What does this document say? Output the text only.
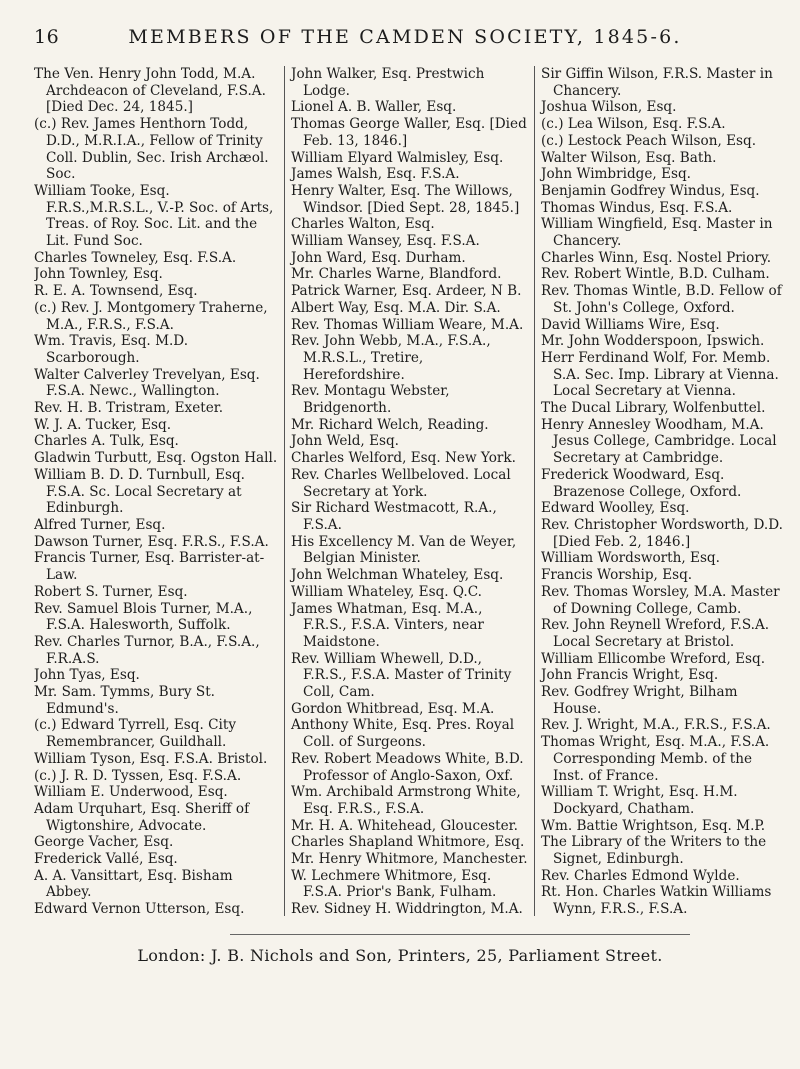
16	MEMBERS OF THE CAMDEN SOCIETY, 1845-6.

The Ven. Henry John Todd, M.A. Archdeacon of Cleveland, F.S.A. [Died Dec. 24, 1845.]

(c.) Rev. James Henthorn Todd, D.D., M.R.I.A., Fellow of Trinity Coll. Dublin, Sec. Irish Archæol. Soc.

William Tooke, Esq. F.R.S.,M.R.S.L., V.-P. Soc. of Arts, Treas. of Roy. Soc. Lit. and the Lit. Fund Soc.

Charles Towneley, Esq. F.S.A.

John Townley, Esq.

R. E. A. Townsend, Esq.

(c.) Rev. J. Montgomery Traherne, M.A., F.R.S., F.S.A.

Wm. Travis, Esq. M.D. Scarborough.

Walter Calverley Trevelyan, Esq. F.S.A. Newc., Wallington.

Rev. H. B. Tristram, Exeter.

W. J. A. Tucker, Esq.

Charles A. Tulk, Esq.

Gladwin Turbutt, Esq. Ogston Hall.

William B. D. D. Turnbull, Esq. F.S.A. Sc. Local Secretary at Edinburgh.

Alfred Turner, Esq.

Dawson Turner, Esq. F.R.S., F.S.A.

Francis Turner, Esq. Barrister-at-Law.

Robert S. Turner, Esq.

Rev. Samuel Blois Turner, M.A., F.S.A. Halesworth, Suffolk.

Rev. Charles Turnor, B.A., F.S.A., F.R.A.S.

John Tyas, Esq.

Mr. Sam. Tymms, Bury St. Edmund's.

(c.) Edward Tyrrell, Esq. City Remembrancer, Guildhall.

William Tyson, Esq. F.S.A. Bristol.

(c.) J. R. D. Tyssen, Esq. F.S.A.

William E. Underwood, Esq.

Adam Urquhart, Esq. Sheriff of Wigtonshire, Advocate.

George Vacher, Esq.

Frederick Vallé, Esq.

A. A. Vansittart, Esq. Bisham Abbey.

Edward Vernon Utterson, Esq.

John Walker, Esq. Prestwich Lodge.

Lionel A. B. Waller, Esq.

Thomas George Waller, Esq. [Died Feb. 13, 1846.]

William Elyard Walmisley, Esq.

James Walsh, Esq. F.S.A.

Henry Walter, Esq. The Willows, Windsor. [Died Sept. 28, 1845.]

Charles Walton, Esq.

William Wansey, Esq. F.S.A.

John Ward, Esq. Durham.

Mr. Charles Warne, Blandford.

Patrick Warner, Esq. Ardeer, N B.

Albert Way, Esq. M.A. Dir. S.A.

Rev. Thomas William Weare, M.A.

Rev. John Webb, M.A., F.S.A., M.R.S.L., Tretire, Herefordshire.

Rev. Montagu Webster, Bridgenorth.

Mr. Richard Welch, Reading.

John Weld, Esq.

Charles Welford, Esq. New York.

Rev. Charles Wellbeloved. Local Secretary at York.

Sir Richard Westmacott, R.A., F.S.A.

His Excellency M. Van de Weyer, Belgian Minister.

John Welchman Whateley, Esq.

William Whateley, Esq. Q.C.

James Whatman, Esq. M.A., F.R.S., F.S.A. Vinters, near Maidstone.

Rev. William Whewell, D.D., F.R.S., F.S.A. Master of Trinity Coll, Cam.

Gordon Whitbread, Esq. M.A.

Anthony White, Esq. Pres. Royal Coll. of Surgeons.

Rev. Robert Meadows White, B.D. Professor of Anglo-Saxon, Oxf.

Wm. Archibald Armstrong White, Esq. F.R.S., F.S.A.

Mr. H. A. Whitehead, Gloucester.

Charles Shapland Whitmore, Esq.

Mr. Henry Whitmore, Manchester.

W. Lechmere Whitmore, Esq. F.S.A. Prior's Bank, Fulham.

Rev. Sidney H. Widdrington, M.A.

Sir Giffin Wilson, F.R.S. Master in Chancery.

Joshua Wilson, Esq.

(c.) Lea Wilson, Esq. F.S.A.

(c.) Lestock Peach Wilson, Esq.

Walter Wilson, Esq. Bath.

John Wimbridge, Esq.

Benjamin Godfrey Windus, Esq.

Thomas Windus, Esq. F.S.A.

William Wingfield, Esq. Master in Chancery.

Charles Winn, Esq. Nostel Priory.

Rev. Robert Wintle, B.D. Culham.

Rev. Thomas Wintle, B.D. Fellow of St. John's College, Oxford.

David Williams Wire, Esq.

Mr. John Wodderspoon, Ipswich.

Herr Ferdinand Wolf, For. Memb. S.A. Sec. Imp. Library at Vienna. Local Secretary at Vienna.

The Ducal Library, Wolfenbuttel.

Henry Annesley Woodham, M.A. Jesus College, Cambridge. Local Secretary at Cambridge.

Frederick Woodward, Esq. Brazenose College, Oxford.

Edward Woolley, Esq.

Rev. Christopher Wordsworth, D.D. [Died Feb. 2, 1846.]

William Wordsworth, Esq.

Francis Worship, Esq.

Rev. Thomas Worsley, M.A. Master of Downing College, Camb.

Rev. John Reynell Wreford, F.S.A. Local Secretary at Bristol.

William Ellicombe Wreford, Esq.

John Francis Wright, Esq.

Rev. Godfrey Wright, Bilham House.

Rev. J. Wright, M.A., F.R.S., F.S.A.

Thomas Wright, Esq. M.A., F.S.A. Corresponding Memb. of the Inst. of France.

William T. Wright, Esq. H.M. Dockyard, Chatham.

Wm. Battie Wrightson, Esq. M.P.

The Library of the Writers to the Signet, Edinburgh.

Rev. Charles Edmond Wylde.

Rt. Hon. Charles Watkin Williams Wynn, F.R.S., F.S.A.

London: J. B. Nichols and Son, Printers, 25, Parliament Street.
